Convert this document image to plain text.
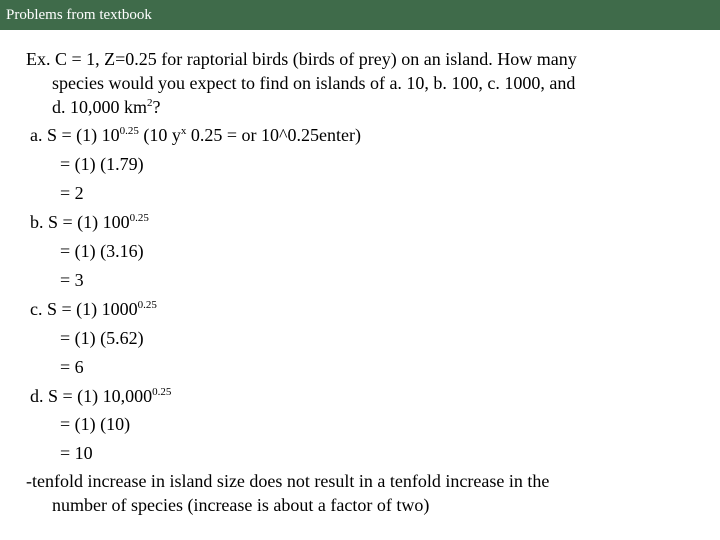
Problems from textbook
Ex. C = 1, Z=0.25 for raptorial birds (birds of prey) on an island. How many
species would you expect to find on islands of a. 10, b. 100, c. 1000, and
d. 10,000 $km^2$?
a. S = (1) $10^{0.25}$ (10 $y^x$ 0.25 = or 10^0.25enter)
= (1) (1.79)
= 2
b. S = (1) $100^{0.25}$
= (1) (3.16)
= 3
c. S = (1) $1000^{0.25}$
= (1) (5.62)
= 6
d. S = (1) $10,000^{0.25}$
= (1) (10)
= 10
-tenfold increase in island size does not result in a tenfold increase in the
number of species (increase is about a factor of two)
